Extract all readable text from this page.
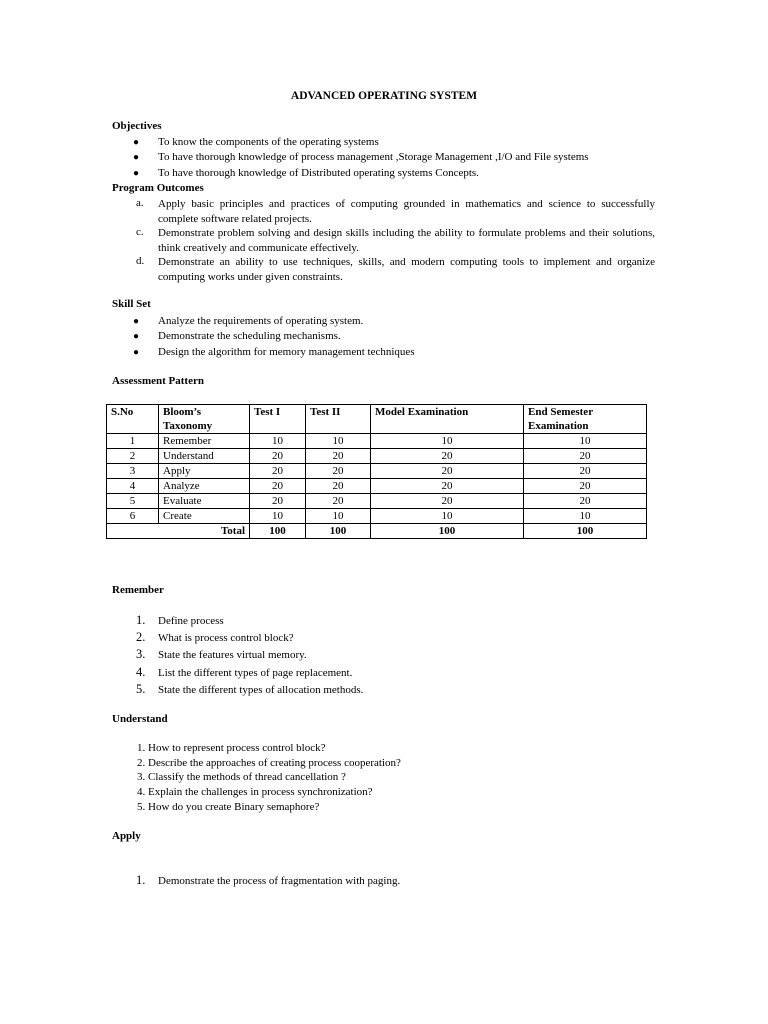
ADVANCED OPERATING SYSTEM
Objectives
● To know the components of the operating systems
● To have thorough knowledge of process management ,Storage Management ,I/O and File systems
● To have thorough knowledge of Distributed operating systems Concepts.
Program Outcomes
a. Apply basic principles and practices of computing grounded in mathematics and science to successfully complete software related projects.
c. Demonstrate problem solving and design skills including the ability to formulate problems and their solutions, think creatively and communicate effectively.
d. Demonstrate an ability to use techniques, skills, and modern computing tools to implement and organize computing works under given constraints.
Skill Set
● Analyze the requirements of operating system.
● Demonstrate the scheduling mechanisms.
● Design the algorithm for memory management techniques
Assessment Pattern
S.No	Bloom’s Taxonomy	Test I	Test II	Model Examination	End Semester Examination
1	Remember	10	10	10	10
2	Understand	20	20	20	20
3	Apply	20	20	20	20
4	Analyze	20	20	20	20
5	Evaluate	20	20	20	20
6	Create	10	10	10	10
Total		100	100	100	100
Remember
1. Define process
2. What is process control block?
3. State the features virtual memory.
4. List the different types of page replacement.
5. State the different types of allocation methods.
Understand
1. How to represent process control block?
2. Describe the approaches of creating process cooperation?
3. Classify the methods of thread cancellation ?
4. Explain the challenges in process synchronization?
5. How do you create Binary semaphore?
Apply
1. Demonstrate the process of fragmentation with paging.
